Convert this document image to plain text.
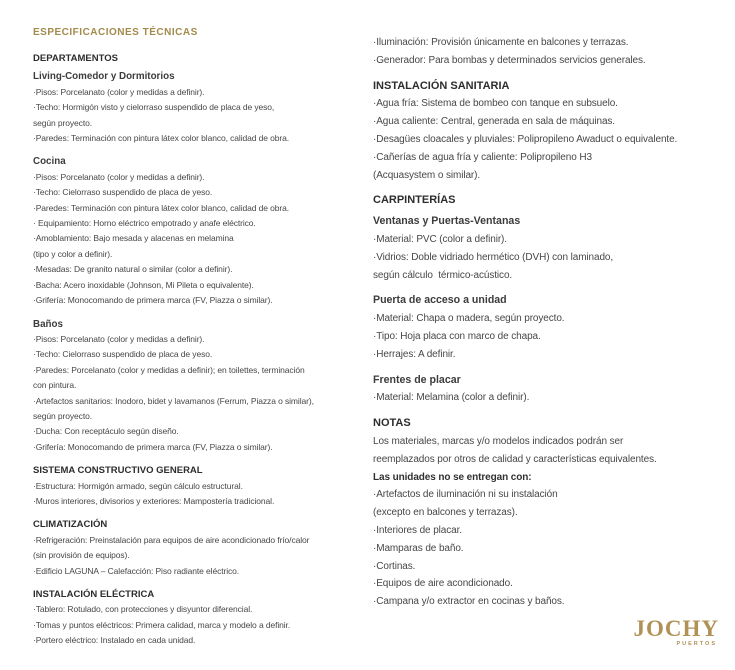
ESPECIFICACIONES TÉCNICAS
DEPARTAMENTOS
Living-Comedor y Dormitorios
·Pisos: Porcelanato (color y medidas a definir).
·Techo: Hormigón visto y cielorraso suspendido de placa de yeso,
según proyecto.
·Paredes: Terminación con pintura látex color blanco, calidad de obra.
Cocina
·Pisos: Porcelanato (color y medidas a definir).
·Techo: Cielorraso suspendido de placa de yeso.
·Paredes: Terminación con pintura látex color blanco, calidad de obra.
· Equipamiento: Horno eléctrico empotrado y anafe eléctrico.
·Amoblamiento: Bajo mesada y alacenas en melamina
(tipo y color a definir).
·Mesadas: De granito natural o similar (color a definir).
·Bacha: Acero inoxidable (Johnson, Mi Pileta o equivalente).
·Grifería: Monocomando de primera marca (FV, Piazza o similar).
Baños
·Pisos: Porcelanato (color y medidas a definir).
·Techo: Cielorraso suspendido de placa de yeso.
·Paredes: Porcelanato (color y medidas a definir); en toilettes, terminación
con pintura.
·Artefactos sanitarios: Inodoro, bidet y lavamanos (Ferrum, Piazza o similar),
según proyecto.
·Ducha: Con receptáculo según diseño.
·Grifería: Monocomando de primera marca (FV, Piazza o similar).
SISTEMA CONSTRUCTIVO GENERAL
·Estructura: Hormigón armado, según cálculo estructural.
·Muros interiores, divisorios y exteriores: Mampostería tradicional.
CLIMATIZACIÓN
·Refrigeración: Preinstalación para equipos de aire acondicionado frío/calor
(sin provisión de equipos).
·Edificio LAGUNA – Calefacción: Piso radiante eléctrico.
INSTALACIÓN ELÉCTRICA
·Tablero: Rotulado, con protecciones y disyuntor diferencial.
·Tomas y puntos eléctricos: Primera calidad, marca y modelo a definir.
·Portero eléctrico: Instalado en cada unidad.
·Iluminación: Provisión únicamente en balcones y terrazas.
·Generador: Para bombas y determinados servicios generales.
INSTALACIÓN SANITARIA
·Agua fría: Sistema de bombeo con tanque en subsuelo.
·Agua caliente: Central, generada en sala de máquinas.
·Desagües cloacales y pluviales: Polipropileno Awaduct o equivalente.
·Cañerías de agua fría y caliente: Polipropileno H3
(Acquasystem o similar).
CARPINTERÍAS
Ventanas y Puertas-Ventanas
·Material: PVC (color a definir).
·Vidrios: Doble vidriado hermético (DVH) con laminado,
según cálculo  térmico-acústico.
Puerta de acceso a unidad
·Material: Chapa o madera, según proyecto.
·Tipo: Hoja placa con marco de chapa.
·Herrajes: A definir.
Frentes de placar
·Material: Melamina (color a definir).
NOTAS
Los materiales, marcas y/o modelos indicados podrán ser
reemplazados por otros de calidad y características equivalentes.
Las unidades no se entregan con:
·Artefactos de iluminación ni su instalación
(excepto en balcones y terrazas).
·Interiores de placar.
·Mamparas de baño.
·Cortinas.
·Equipos de aire acondicionado.
·Campana y/o extractor en cocinas y baños.
JOCHY
PUERTOS
